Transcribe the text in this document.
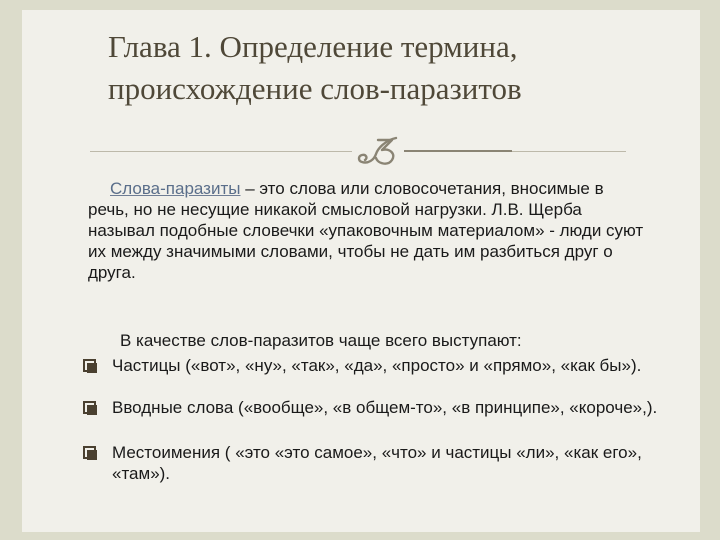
Глава 1. Определение термина,
происхождение слов-паразитов

Слова-паразиты – это слова или словосочетания, вносимые в речь, но не несущие никакой смысловой нагрузки. Л.В. Щерба называл подобные словечки «упаковочным материалом» - люди суют их между значимыми словами, чтобы не дать им разбиться друг о друга.

В качестве слов-паразитов чаще всего выступают:

Частицы («вот», «ну», «так», «да», «просто» и «прямо», «как бы»).

Вводные слова («вообще», «в общем-то», «в принципе», «короче»,).

Местоимения ( «это «это самое», «что» и частицы «ли», «как его», «там»).
